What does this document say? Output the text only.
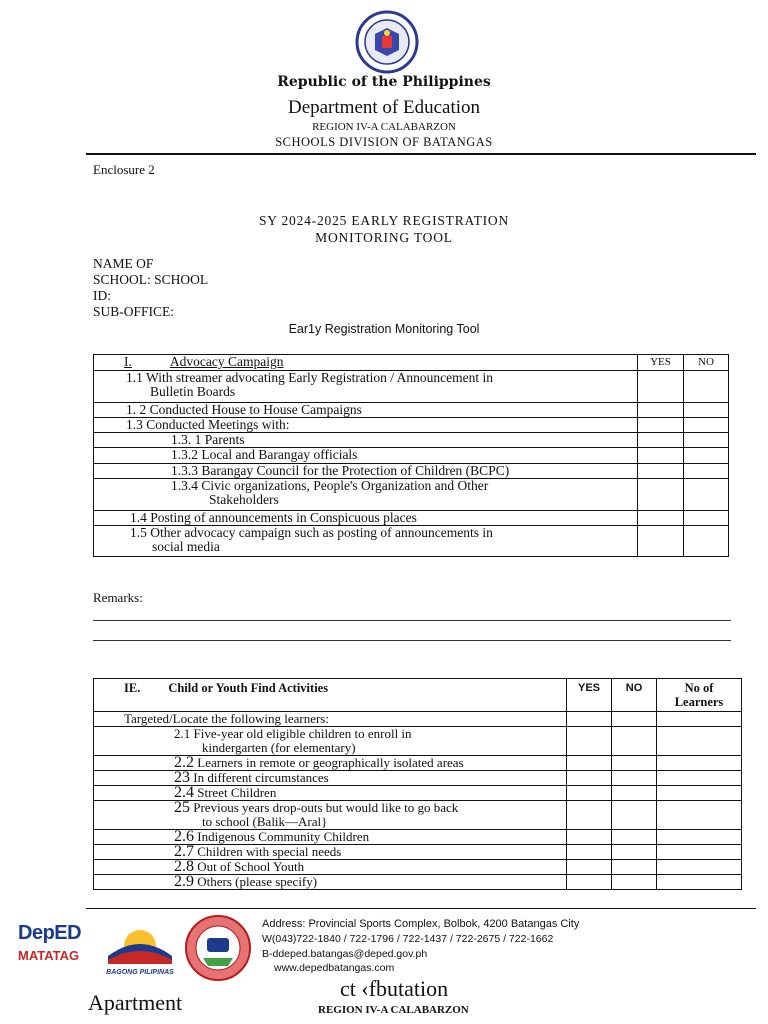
Republic of the Philippines
Department of Education
REGION IV-A CALABARZON
SCHOOLS DIVISION OF BATANGAS
Enclosure 2
SY 2024-2025 EARLY REGISTRATION
MONITORING TOOL
NAME OF
SCHOOL: SCHOOL
ID:
SUB-OFFICE:
Ear1y Registration Monitoring Tool
I. Advocacy Campaign	YES	NO

1.1 With streamer advocating Early Registration / Announcement in
Bulletin Boards		

1. 2 Conducted House to House Campaigns		
1.3 Conducted Meetings with:		
1.3. 1 Parents		
1.3.2 Local and Barangay officials		
1.3.3 Barangay Council for the Protection of Children (BCPC)		

1.3.4 Civic organizations, People's Organization and Other
Stakeholders		

1.4 Posting of announcements in Conspicuous places		

1.5 Other advocacy campaign such as posting of announcements in
social media		

Remarks:
IE. Child or Youth Find Activities	YES	NO	No of
Learners

Targeted/Locate the following learners:			

2.1 Five-year old eligible children to enroll in
kindergarten (for elementary)			

2.2 Learners in remote or geographically isolated areas			
23 In different circumstances			
2.4 Street Children			

25 Previous years drop-outs but would like to go back
to school (Balik—Aral}			

2.6 Indigenous Community Children			
2.7 Children with special needs			
2.8 Out of School Youth			
2.9 Others (please specify)			
DepED
MATATAG
BAGONG PILIPINAS
Address: Provincial Sports Complex, Bolbok, 4200 Batangas City
W(043)722-1840 / 722-1796 / 722-1437 / 722-2675 / 722-1662
B-ddeped.batangas@deped.gov.ph
www.depedbatangas.com
Apartment
ct ‹fbutation
REGION IV-A CALABARZON
